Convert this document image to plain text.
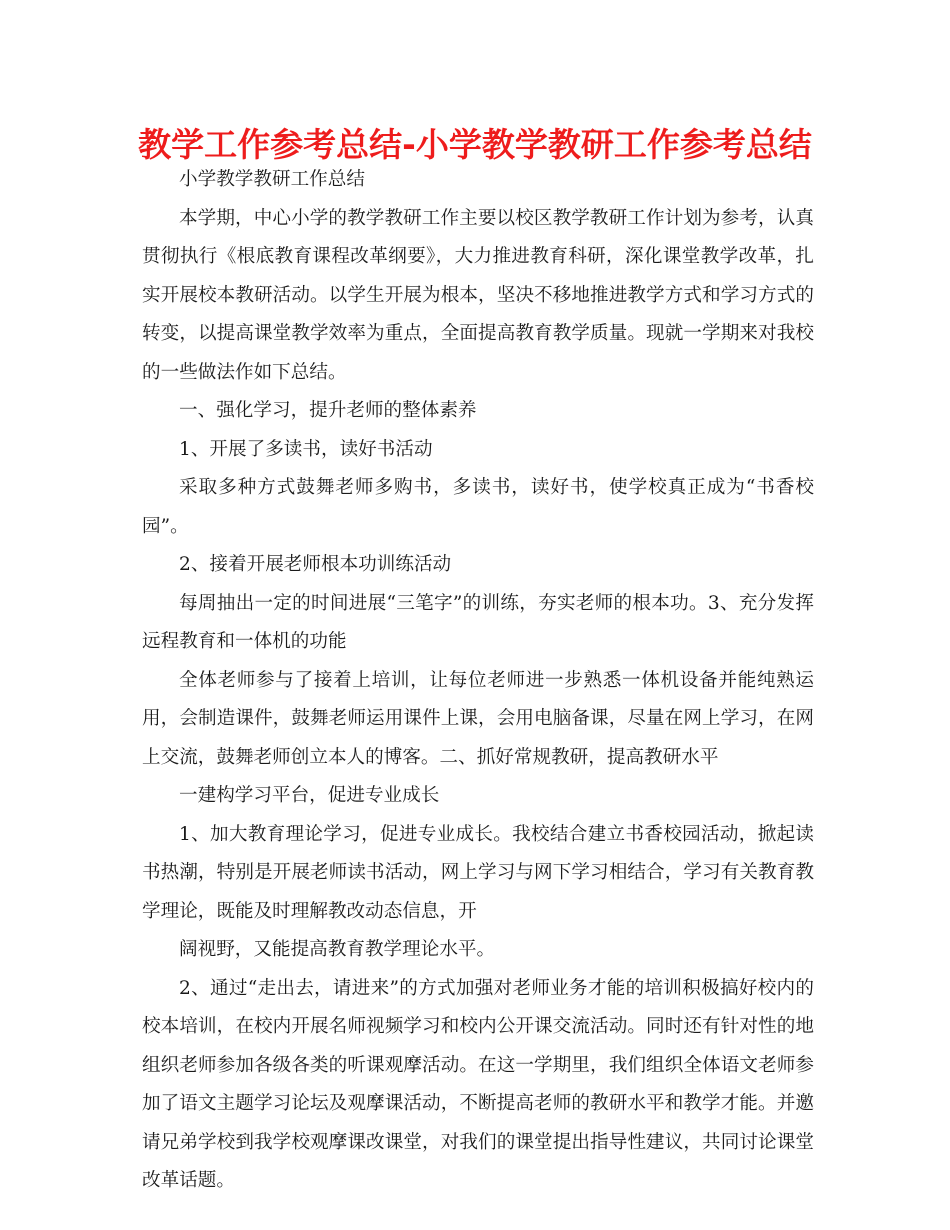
教学工作参考总结-小学教学教研工作参考总结

小学教学教研工作总结

本学期，中心小学的教学教研工作主要以校区教学教研工作计划为参考，认真贯彻执行《根底教育课程改革纲要》，大力推进教育科研，深化课堂教学改革，扎实开展校本教研活动。以学生开展为根本，坚决不移地推进教学方式和学习方式的转变，以提高课堂教学效率为重点，全面提高教育教学质量。现就一学期来对我校的一些做法作如下总结。

一、强化学习，提升老师的整体素养

1、开展了多读书，读好书活动

采取多种方式鼓舞老师多购书，多读书，读好书，使学校真正成为“书香校园”。

2、接着开展老师根本功训练活动

每周抽出一定的时间进展“三笔字”的训练，夯实老师的根本功。3、充分发挥远程教育和一体机的功能

全体老师参与了接着上培训，让每位老师进一步熟悉一体机设备并能纯熟运用，会制造课件，鼓舞老师运用课件上课，会用电脑备课，尽量在网上学习，在网上交流，鼓舞老师创立本人的博客。二、抓好常规教研，提高教研水平

一建构学习平台，促进专业成长

1、加大教育理论学习，促进专业成长。我校结合建立书香校园活动，掀起读书热潮，特别是开展老师读书活动，网上学习与网下学习相结合，学习有关教育教学理论，既能及时理解教改动态信息，开

阔视野，又能提高教育教学理论水平。

2、通过“走出去，请进来”的方式加强对老师业务才能的培训积极搞好校内的校本培训，在校内开展名师视频学习和校内公开课交流活动。同时还有针对性的地组织老师参加各级各类的听课观摩活动。在这一学期里，我们组织全体语文老师参加了语文主题学习论坛及观摩课活动，不断提高老师的教研水平和教学才能。并邀请兄弟学校到我学校观摩课改课堂，对我们的课堂提出指导性建议，共同讨论课堂改革话题。
